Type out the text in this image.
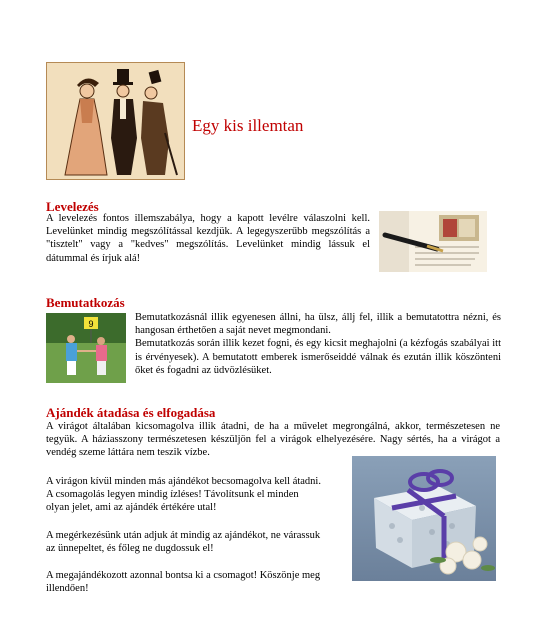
Egy kis illemtan
Levelezés
A levelezés fontos illemszabálya, hogy a kapott levélre válaszolni kell. Levelünket mindig megszólítással kezdjük. A legegyszerűbb megszólítás a "tisztelt" vagy a "kedves" megszólítás. Levelünket mindig lássuk el dátummal és írjuk alá!
Bemutatkozás
9

Bemutatkozásnál illik egyenesen állni, ha ülsz, állj fel, illik a bemutatottra nézni, és hangosan érthetően a saját nevet megmondani.

Bemutatkozás során illik kezet fogni, és egy kicsit meghajolni (a kézfogás szabályai itt is érvényesek). A bemutatott emberek ismerőseiddé válnak és ezután illik köszönteni őket és fogadni az üdvözlésüket.

Ajándék átadása és elfogadása
A virágot általában kicsomagolva illik átadni, de ha a művelet megrongálná, akkor, természetesen ne tegyük. A háziasszony természetesen készüljön fel a virágok elhelyezésére. Nagy sértés, ha a virágot a vendég szeme láttára nem teszik vízbe.
A virágon kívül minden más ajándékot becsomagolva kell átadni. A csomagolás legyen mindig ízléses! Távolítsunk el minden olyan jelet, ami az ajándék értékére utal!
A megérkezésünk után adjuk át mindig az ajándékot, ne várassuk az ünnepeltet, és főleg ne dugdossuk el!
A megajándékozott azonnal bontsa ki a csomagot! Köszönje meg illendően!
